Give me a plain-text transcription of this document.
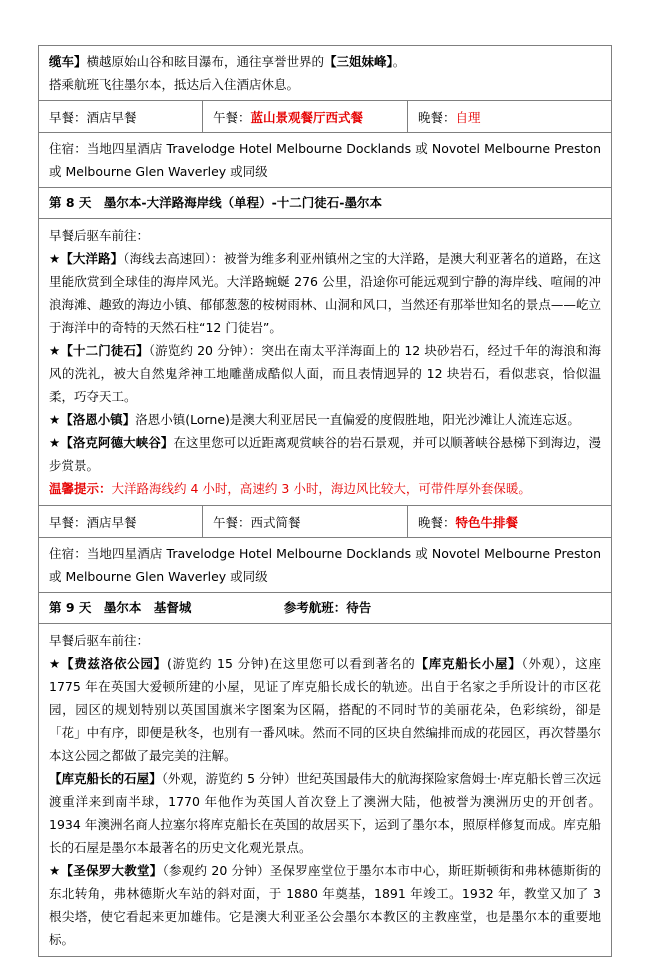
缆车】横越原始山谷和眩目瀑布，通往享誉世界的【三姐妹峰】。
搭乘航班飞往墨尔本，抵达后入住酒店休息。
早餐：酒店早餐	午餐：蓝山景观餐厅西式餐	晚餐：自理
住宿：当地四星酒店 Travelodge Hotel Melbourne Docklands 或 Novotel Melbourne Preston 或 Melbourne Glen Waverley 或同级
第 8 天　墨尔本-大洋路海岸线（单程）-十二门徒石-墨尔本
早餐后驱车前往：
★【大洋路】（海线去高速回）：被誉为维多利亚州镇州之宝的大洋路，是澳大利亚著名的道路，在这里能欣赏到全球佳的海岸风光。大洋路蜿蜒 276 公里，沿途你可能远观到宁静的海岸线、喧闹的冲浪海滩、趣致的海边小镇、郁郁葱葱的桉树雨林、山洞和风口，当然还有那举世知名的景点——屹立于海洋中的奇特的天然石柱“12 门徒岩”。
★【十二门徒石】（游览约 20 分钟）：突出在南太平洋海面上的 12 块砂岩石，经过千年的海浪和海风的洗礼，被大自然鬼斧神工地雕凿成酷似人面，而且表情迥异的 12 块岩石，看似悲哀，恰似温柔，巧夺天工。
★【洛恩小镇】洛恩小镇(Lorne)是澳大利亚居民一直偏爱的度假胜地，阳光沙滩让人流连忘返。
★【洛克阿德大峡谷】在这里您可以近距离观赏峡谷的岩石景观，并可以顺著峡谷悬梯下到海边，漫步赏景。
温馨提示：大洋路海线约 4 小时，高速约 3 小时，海边风比较大，可带件厚外套保暖。
早餐：酒店早餐	午餐：西式简餐	晚餐：特色牛排餐
住宿：当地四星酒店 Travelodge Hotel Melbourne Docklands 或 Novotel Melbourne Preston 或 Melbourne Glen Waverley 或同级
第 9 天　墨尔本　基督城	参考航班：待告
早餐后驱车前往：
★【费兹洛依公园】(游览约 15 分钟)在这里您可以看到著名的【库克船长小屋】（外观），这座 1775 年在英国大爱顿所建的小屋，见证了库克船长成长的轨迹。出自于名家之手所设计的市区花园，园区的规划特别以英国国旗米字图案为区隔，搭配的不同时节的美丽花朵，色彩缤纷，卻是「花」中有序，即便是秋冬，也別有一番风味。然而不同的区块自然编排而成的花园区，再次替墨尔本这公园之都做了最完美的注解。
【库克船长的石屋】（外观，游览约 5 分钟）世纪英国最伟大的航海探险家詹姆士·库克船长曾三次远渡重洋来到南半球，1770 年他作为英国人首次登上了澳洲大陆，他被誉为澳洲历史的开创者。1934 年澳洲名商人拉塞尔将库克船长在英国的故居买下，运到了墨尔本，照原样修复而成。库克船长的石屋是墨尔本最著名的历史文化观光景点。
★【圣保罗大教堂】（参观约 20 分钟）圣保罗座堂位于墨尔本市中心，斯旺斯顿街和弗林德斯街的东北转角，弗林德斯火车站的斜对面，于 1880 年奠基，1891 年竣工。1932 年，教堂又加了 3 根尖塔，使它看起来更加雄伟。它是澳大利亚圣公会墨尔本教区的主教座堂，也是墨尔本的重要地标。
